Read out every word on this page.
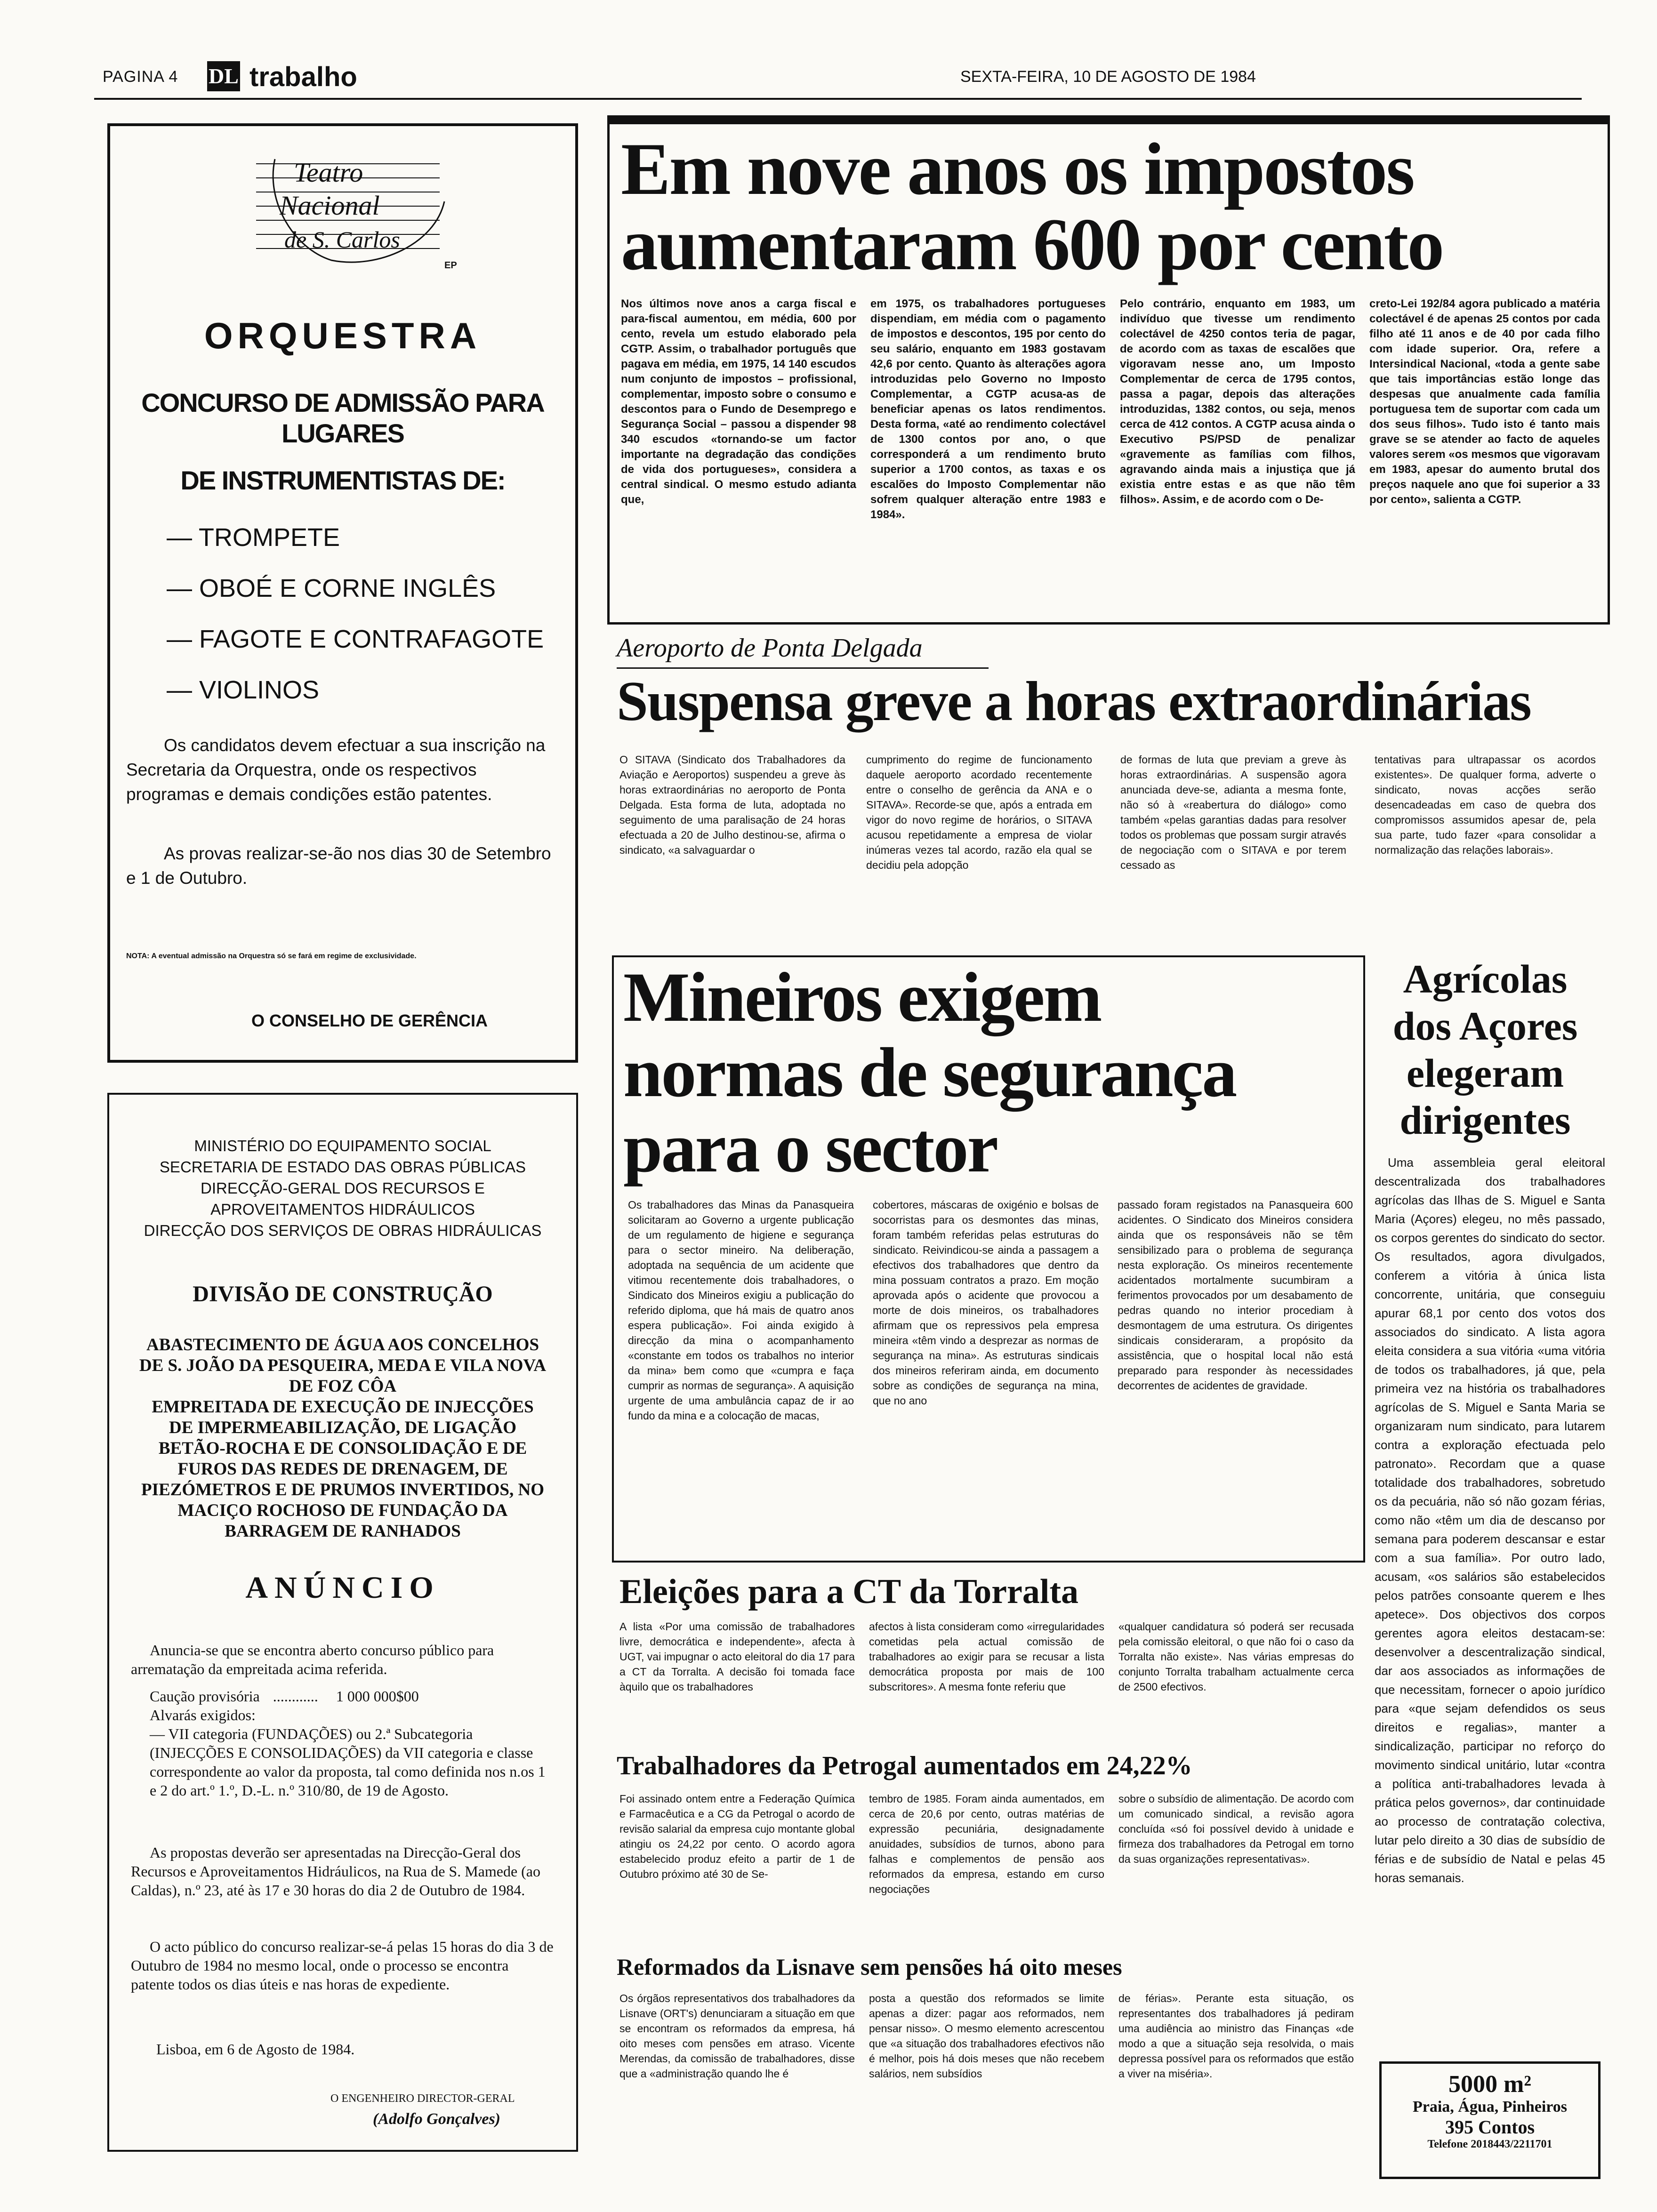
PAGINA 4 DL trabalho	SEXTA-FEIRA, 10 DE AGOSTO DE 1984
Teatro
Nacional
de S. Carlos
EP
ORQUESTRA
CONCURSO DE ADMISSÃO PARA LUGARES
DE INSTRUMENTISTAS DE:
— TROMPETE
— OBOÉ E CORNE INGLÊS
— FAGOTE E CONTRAFAGOTE
— VIOLINOS
Os candidatos devem efectuar a sua inscrição na Secretaria da Orquestra, onde os respectivos programas e demais condições estão patentes.
As provas realizar-se-ão nos dias 30 de Setembro e 1 de Outubro.
NOTA: A eventual admissão na Orquestra só se fará em regime de exclusividade.
O CONSELHO DE GERÊNCIA
MINISTÉRIO DO EQUIPAMENTO SOCIAL
SECRETARIA DE ESTADO DAS OBRAS PÚBLICAS
DIRECÇÃO-GERAL DOS RECURSOS E
APROVEITAMENTOS HIDRÁULICOS
DIRECÇÃO DOS SERVIÇOS DE OBRAS HIDRÁULICAS
DIVISÃO DE CONSTRUÇÃO
ABASTECIMENTO DE ÁGUA AOS CONCELHOS
DE S. JOÃO DA PESQUEIRA, MEDA E VILA NOVA
DE FOZ CÔA
EMPREITADA DE EXECUÇÃO DE INJECÇÕES
DE IMPERMEABILIZAÇÃO, DE LIGAÇÃO
BETÃO-ROCHA E DE CONSOLIDAÇÃO E DE
FUROS DAS REDES DE DRENAGEM, DE
PIEZÓMETROS E DE PRUMOS INVERTIDOS, NO
MACIÇO ROCHOSO DE FUNDAÇÃO DA
BARRAGEM DE RANHADOS
ANÚNCIO
Anuncia-se que se encontra aberto concurso público para arrematação da empreitada acima referida.
Caução provisória ............ 1 000 000$00
Alvarás exigidos:
— VII categoria (FUNDAÇÕES) ou 2.ª Subcategoria (INJECÇÕES E CONSOLIDAÇÕES) da VII categoria e classe correspondente ao valor da proposta, tal como definida nos n.os 1 e 2 do art.º 1.º, D.-L. n.º 310/80, de 19 de Agosto.
As propostas deverão ser apresentadas na Direcção-Geral dos Recursos e Aproveitamentos Hidráulicos, na Rua de S. Mamede (ao Caldas), n.º 23, até às 17 e 30 horas do dia 2 de Outubro de 1984.
O acto público do concurso realizar-se-á pelas 15 horas do dia 3 de Outubro de 1984 no mesmo local, onde o processo se encontra patente todos os dias úteis e nas horas de expediente.
Lisboa, em 6 de Agosto de 1984.
O ENGENHEIRO DIRECTOR-GERAL
(Adolfo Gonçalves)
Em nove anos os impostos
aumentaram 600 por cento
Nos últimos nove anos a carga fiscal e para-fiscal aumentou, em média, 600 por cento, revela um estudo elaborado pela CGTP. Assim, o trabalhador português que pagava em média, em 1975, 14 140 escudos num conjunto de impostos – profissional, complementar, imposto sobre o consumo e descontos para o Fundo de Desemprego e Segurança Social – passou a dispender 98 340 escudos «tornando-se um factor importante na degradação das condições de vida dos portugueses», considera a central sindical. O mesmo estudo adianta que,
em 1975, os trabalhadores portugueses dispendiam, em média com o pagamento de impostos e descontos, 195 por cento do seu salário, enquanto em 1983 gostavam 42,6 por cento. Quanto às alterações agora introduzidas pelo Governo no Imposto Complementar, a CGTP acusa-as de beneficiar apenas os latos rendimentos. Desta forma, «até ao rendimento colectável de 1300 contos por ano, o que corresponderá a um rendimento bruto superior a 1700 contos, as taxas e os escalões do Imposto Complementar não sofrem qualquer alteração entre 1983 e 1984».
Pelo contrário, enquanto em 1983, um indivíduo que tivesse um rendimento colectável de 4250 contos teria de pagar, de acordo com as taxas de escalões que vigoravam nesse ano, um Imposto Complementar de cerca de 1795 contos, passa a pagar, depois das alterações introduzidas, 1382 contos, ou seja, menos cerca de 412 contos. A CGTP acusa ainda o Executivo PS/PSD de penalizar «gravemente as famílias com filhos, agravando ainda mais a injustiça que já existia entre estas e as que não têm filhos». Assim, e de acordo com o De-
creto-Lei 192/84 agora publicado a matéria colectável é de apenas 25 contos por cada filho até 11 anos e de 40 por cada filho com idade superior. Ora, refere a Intersindical Nacional, «toda a gente sabe que tais importâncias estão longe das despesas que anualmente cada família portuguesa tem de suportar com cada um dos seus filhos». Tudo isto é tanto mais grave se se atender ao facto de aqueles valores serem «os mesmos que vigoravam em 1983, apesar do aumento brutal dos preços naquele ano que foi superior a 33 por cento», salienta a CGTP.
Aeroporto de Ponta Delgada
Suspensa greve a horas extraordinárias
O SITAVA (Sindicato dos Trabalhadores da Aviação e Aeroportos) suspendeu a greve às horas extraordinárias no aeroporto de Ponta Delgada. Esta forma de luta, adoptada no seguimento de uma paralisação de 24 horas efectuada a 20 de Julho destinou-se, afirma o sindicato, «a salvaguardar o
cumprimento do regime de funcionamento daquele aeroporto acordado recentemente entre o conselho de gerência da ANA e o SITAVA». Recorde-se que, após a entrada em vigor do novo regime de horários, o SITAVA acusou repetidamente a empresa de violar inúmeras vezes tal acordo, razão ela qual se decidiu pela adopção
de formas de luta que previam a greve às horas extraordinárias. A suspensão agora anunciada deve-se, adianta a mesma fonte, não só à «reabertura do diálogo» como também «pelas garantias dadas para resolver todos os problemas que possam surgir através de negociação com o SITAVA e por terem cessado as
tentativas para ultrapassar os acordos existentes». De qualquer forma, adverte o sindicato, novas acções serão desencadeadas em caso de quebra dos compromissos assumidos apesar de, pela sua parte, tudo fazer «para consolidar a normalização das relações laborais».
Mineiros exigem
normas de segurança
para o sector
Os trabalhadores das Minas da Panasqueira solicitaram ao Governo a urgente publicação de um regulamento de higiene e segurança para o sector mineiro. Na deliberação, adoptada na sequência de um acidente que vitimou recentemente dois trabalhadores, o Sindicato dos Mineiros exigiu a publicação do referido diploma, que há mais de quatro anos espera publicação». Foi ainda exigido à direcção da mina o acompanhamento «constante em todos os trabalhos no interior da mina» bem como que «cumpra e faça cumprir as normas de segurança». A aquisição urgente de uma ambulância capaz de ir ao fundo da mina e a colocação de macas,
cobertores, máscaras de oxigénio e bolsas de socorristas para os desmontes das minas, foram também referidas pelas estruturas do sindicato. Reivindicou-se ainda a passagem a efectivos dos trabalhadores que dentro da mina possuam contratos a prazo. Em moção aprovada após o acidente que provocou a morte de dois mineiros, os trabalhadores afirmam que os repressivos pela empresa mineira «têm vindo a desprezar as normas de segurança na mina». As estruturas sindicais dos mineiros referiram ainda, em documento sobre as condições de segurança na mina, que no ano
passado foram registados na Panasqueira 600 acidentes. O Sindicato dos Mineiros considera ainda que os responsáveis não se têm sensibilizado para o problema de segurança nesta exploração. Os mineiros recentemente acidentados mortalmente sucumbiram a ferimentos provocados por um desabamento de pedras quando no interior procediam à desmontagem de uma estrutura. Os dirigentes sindicais consideraram, a propósito da assistência, que o hospital local não está preparado para responder às necessidades decorrentes de acidentes de gravidade.
Agrícolas
dos Açores
elegeram
dirigentes
Uma assembleia geral eleitoral descentralizada dos trabalhadores agrícolas das Ilhas de S. Miguel e Santa Maria (Açores) elegeu, no mês passado, os corpos gerentes do sindicato do sector. Os resultados, agora divulgados, conferem a vitória à única lista concorrente, unitária, que conseguiu apurar 68,1 por cento dos votos dos associados do sindicato. A lista agora eleita considera a sua vitória «uma vitória de todos os trabalhadores, já que, pela primeira vez na história os trabalhadores agrícolas de S. Miguel e Santa Maria se organizaram num sindicato, para lutarem contra a exploração efectuada pelo patronato». Recordam que a quase totalidade dos trabalhadores, sobretudo os da pecuária, não só não gozam férias, como não «têm um dia de descanso por semana para poderem descansar e estar com a sua família». Por outro lado, acusam, «os salários são estabelecidos pelos patrões consoante querem e lhes apetece». Dos objectivos dos corpos gerentes agora eleitos destacam-se: desenvolver a descentralização sindical, dar aos associados as informações de que necessitam, fornecer o apoio jurídico para «que sejam defendidos os seus direitos e regalias», manter a sindicalização, participar no reforço do movimento sindical unitário, lutar «contra a política anti-trabalhadores levada à prática pelos governos», dar continuidade ao processo de contratação colectiva, lutar pelo direito a 30 dias de subsídio de férias e de subsídio de Natal e pelas 45 horas semanais.
Eleições para a CT da Torralta
A lista «Por uma comissão de trabalhadores livre, democrática e independente», afecta à UGT, vai impugnar o acto eleitoral do dia 17 para a CT da Torralta. A decisão foi tomada face àquilo que os trabalhadores
afectos à lista consideram como «irregularidades cometidas pela actual comissão de trabalhadores ao exigir para se recusar a lista democrática proposta por mais de 100 subscritores». A mesma fonte referiu que
«qualquer candidatura só poderá ser recusada pela comissão eleitoral, o que não foi o caso da Torralta não existe». Nas várias empresas do conjunto Torralta trabalham actualmente cerca de 2500 efectivos.
Trabalhadores da Petrogal aumentados em 24,22%
Foi assinado ontem entre a Federação Química e Farmacêutica e a CG da Petrogal o acordo de revisão salarial da empresa cujo montante global atingiu os 24,22 por cento. O acordo agora estabelecido produz efeito a partir de 1 de Outubro próximo até 30 de Se-
tembro de 1985. Foram ainda aumentados, em cerca de 20,6 por cento, outras matérias de expressão pecuniária, designadamente anuidades, subsídios de turnos, abono para falhas e complementos de pensão aos reformados da empresa, estando em curso negociações
sobre o subsídio de alimentação. De acordo com um comunicado sindical, a revisão agora concluída «só foi possível devido à unidade e firmeza dos trabalhadores da Petrogal em torno da suas organizações representativas».
Reformados da Lisnave sem pensões há oito meses
Os órgãos representativos dos trabalhadores da Lisnave (ORT's) denunciaram a situação em que se encontram os reformados da empresa, há oito meses com pensões em atraso. Vicente Merendas, da comissão de trabalhadores, disse que a «administração quando lhe é
posta a questão dos reformados se limite apenas a dizer: pagar aos reformados, nem pensar nisso». O mesmo elemento acrescentou que «a situação dos trabalhadores efectivos não é melhor, pois há dois meses que não recebem salários, nem subsídios
de férias». Perante esta situação, os representantes dos trabalhadores já pediram uma audiência ao ministro das Finanças «de modo a que a situação seja resolvida, o mais depressa possível para os reformados que estão a viver na miséria».	5000 m²
Praia, Água, Pinheiros
395 Contos
Telefone 2018443/2211701
